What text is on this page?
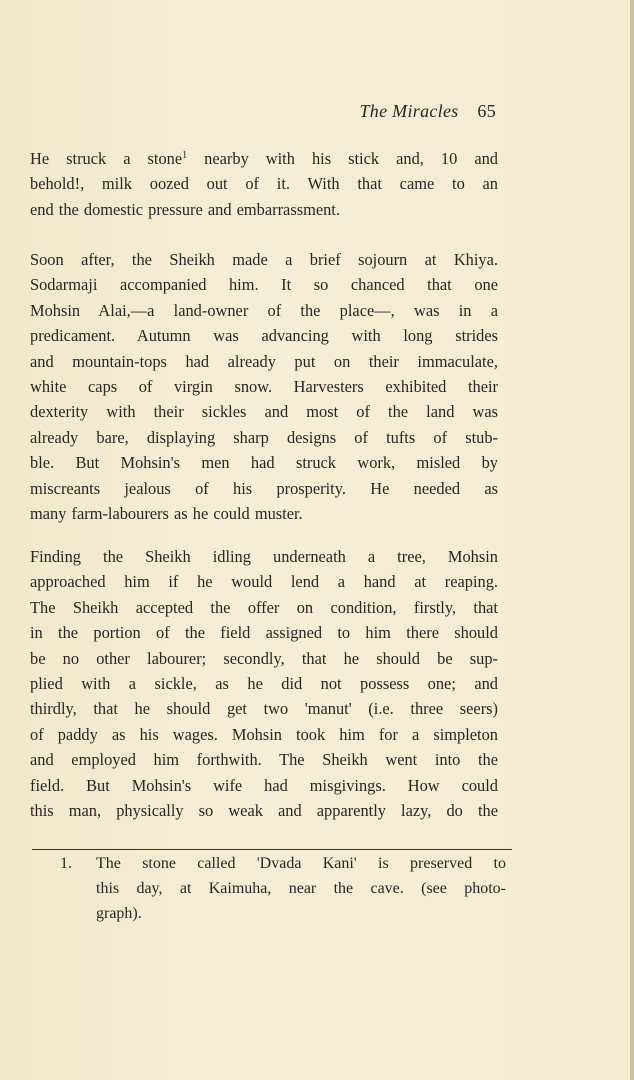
The Miracles 65
He struck a stone$^1$ nearby with his stick and, 10 and
behold!, milk oozed out of it. With that came to an
end the domestic pressure and embarrassment.
Soon after, the Sheikh made a brief sojourn at Khiya.
Sodarmaji accompanied him. It so chanced that one
Mohsin Alai,—a land-owner of the place—, was in a
predicament. Autumn was advancing with long strides
and mountain-tops had already put on their immaculate,
white caps of virgin snow. Harvesters exhibited their
dexterity with their sickles and most of the land was
already bare, displaying sharp designs of tufts of stub-
ble. But Mohsin's men had struck work, misled by
miscreants jealous of his prosperity. He needed as
many farm-labourers as he could muster.
Finding the Sheikh idling underneath a tree, Mohsin
approached him if he would lend a hand at reaping.
The Sheikh accepted the offer on condition, firstly, that
in the portion of the field assigned to him there should
be no other labourer; secondly, that he should be sup-
plied with a sickle, as he did not possess one; and
thirdly, that he should get two 'manut' (i.e. three seers)
of paddy as his wages. Mohsin took him for a simpleton
and employed him forthwith. The Sheikh went into the
field. But Mohsin's wife had misgivings. How could
this man, physically so weak and apparently lazy, do the
1. The stone called 'Dvada Kani' is preserved to
this day, at Kaimuha, near the cave. (see photo-
graph).
